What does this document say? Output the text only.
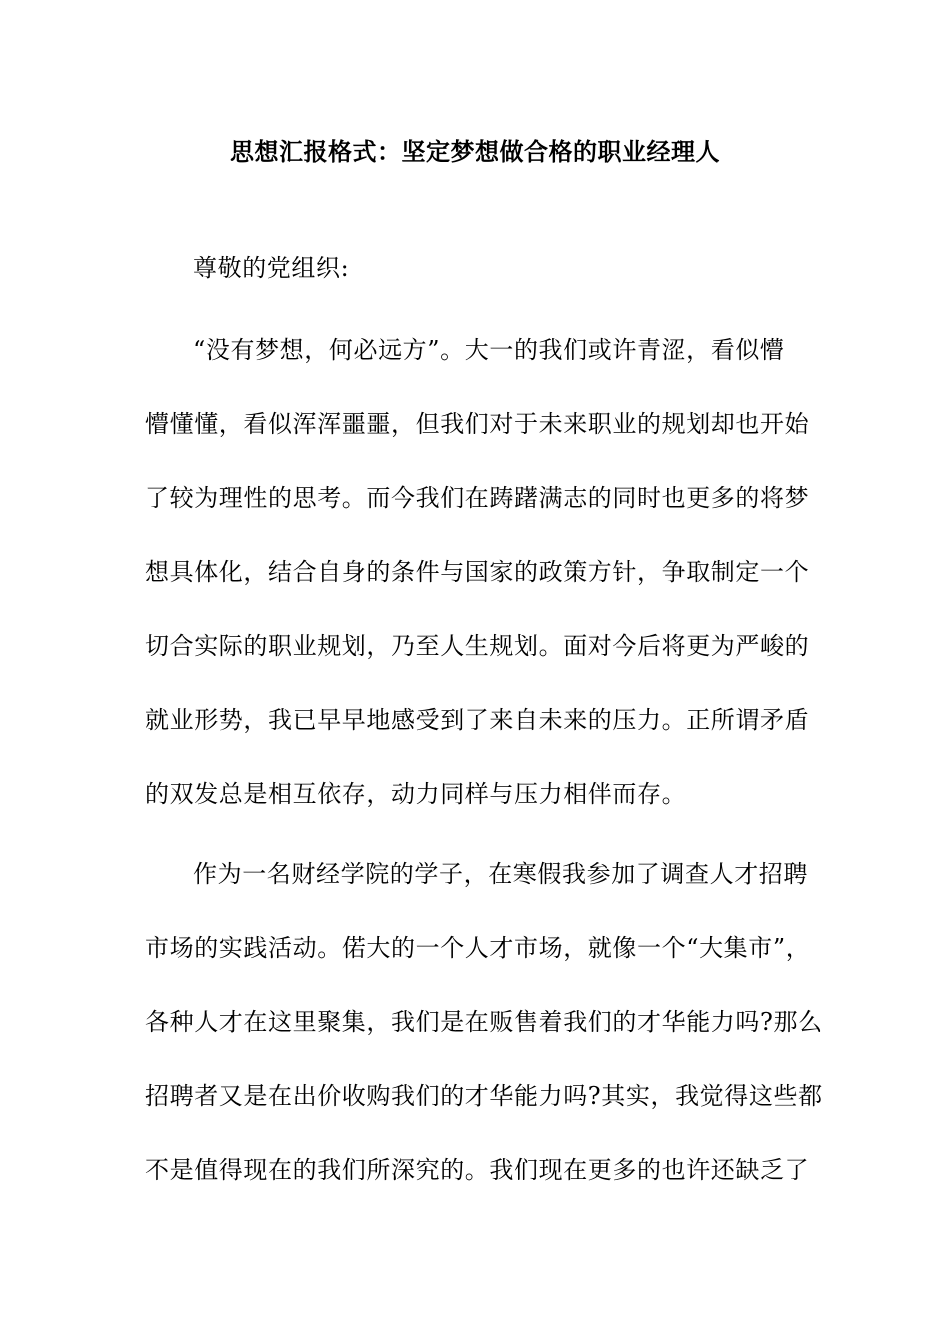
思想汇报格式：坚定梦想做合格的职业经理人
尊敬的党组织:
“没有梦想，何必远方”。大一的我们或许青涩，看似懵
懵懂懂，看似浑浑噩噩，但我们对于未来职业的规划却也开始
了较为理性的思考。而今我们在踌躇满志的同时也更多的将梦
想具体化，结合自身的条件与国家的政策方针，争取制定一个
切合实际的职业规划，乃至人生规划。面对今后将更为严峻的
就业形势，我已早早地感受到了来自未来的压力。正所谓矛盾
的双发总是相互依存，动力同样与压力相伴而存。
作为一名财经学院的学子，在寒假我参加了调查人才招聘
市场的实践活动。偌大的一个人才市场，就像一个“大集市”，
各种人才在这里聚集，我们是在贩售着我们的才华能力吗?那么
招聘者又是在出价收购我们的才华能力吗?其实，我觉得这些都
不是值得现在的我们所深究的。我们现在更多的也许还缺乏了
